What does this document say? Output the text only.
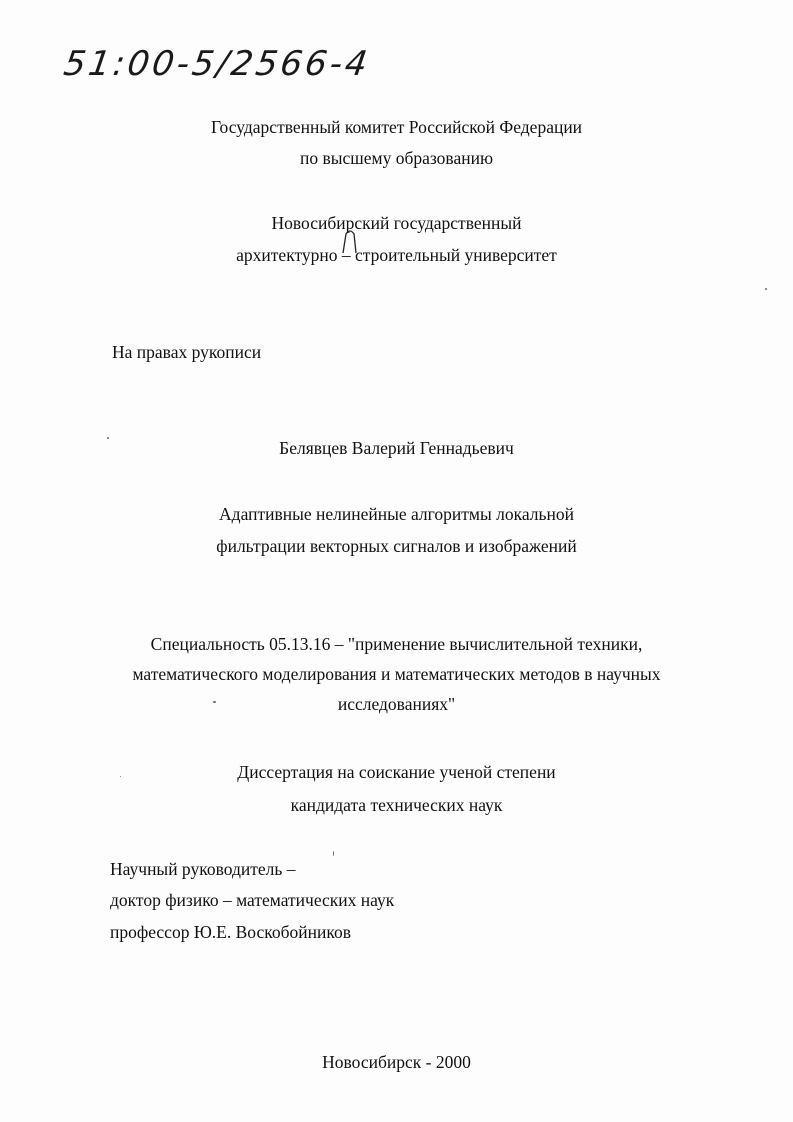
51:00-5/2566-4
Государственный комитет Российской Федерации
по высшему образованию
Новосибирский государственный
архитектурно – строительный университет
На правах рукописи
Белявцев Валерий Геннадьевич
Адаптивные нелинейные алгоритмы локальной
фильтрации векторных сигналов и изображений
Специальность 05.13.16 – "применение вычислительной техники,
математического моделирования и математических методов в научных
исследованиях"
Диссертация на соискание ученой степени
кандидата технических наук
Научный руководитель –
доктор физико – математических наук
профессор Ю.Е. Воскобойников
Новосибирск - 2000
